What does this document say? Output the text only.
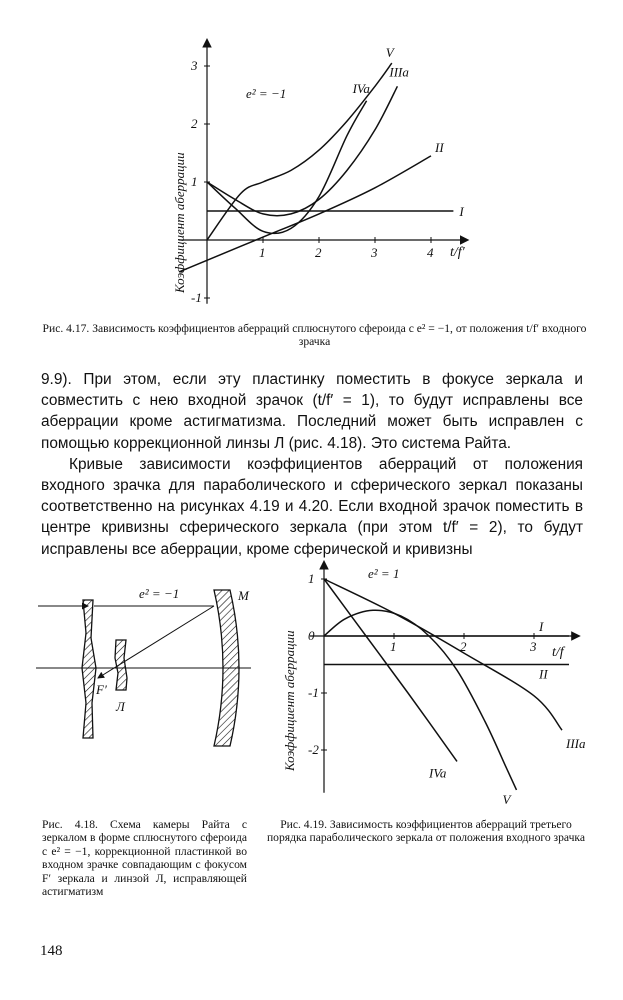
1	2	3	4
-1
1
2
3
I
II
IIIa
IVa
V
e² = −1
t/f′
Коэффициент аберрации
Рис. 4.17. Зависимость коэффициентов аберраций сплюснутого сфероида с e² = −1, от положения t/f′ входного зрачка

9.9). При этом, если эту пластинку поместить в фокусе зеркала и совместить с нею входной зрачок (t/f′ = 1), то будут исправлены все аберрации кроме астигматизма. Последний может быть исправлен с помощью коррекционной линзы Л (рис. 4.18). Это система Райта.

Кривые зависимости коэффициентов аберраций от положения входного зрачка для параболического и сферического зеркал показаны соответственно на рисунках 4.19 и 4.20. Если входной зрачок поместить в центре кривизны сферического зеркала (при этом t/f′ = 2), то будут исправлены все аберрации, кроме сферической и кривизны

e² = −1	M
F′
Л
Рис. 4.18. Схема камеры Райта с зеркалом в форме сплюснутого сфероида с e² = −1, коррекционной пластинкой во входном зрачке совпадающим с фокусом F′ зеркала и линзой Л, исправляющей астигматизм
1	2	3
-2
-1
0
1
I
II
IIIa
IVa
V
e² = 1
t/f
Коэффициент аберрации
Рис. 4.19. Зависимость коэффициентов аберраций третьего порядка параболического зеркала от положения входного зрачка
148
